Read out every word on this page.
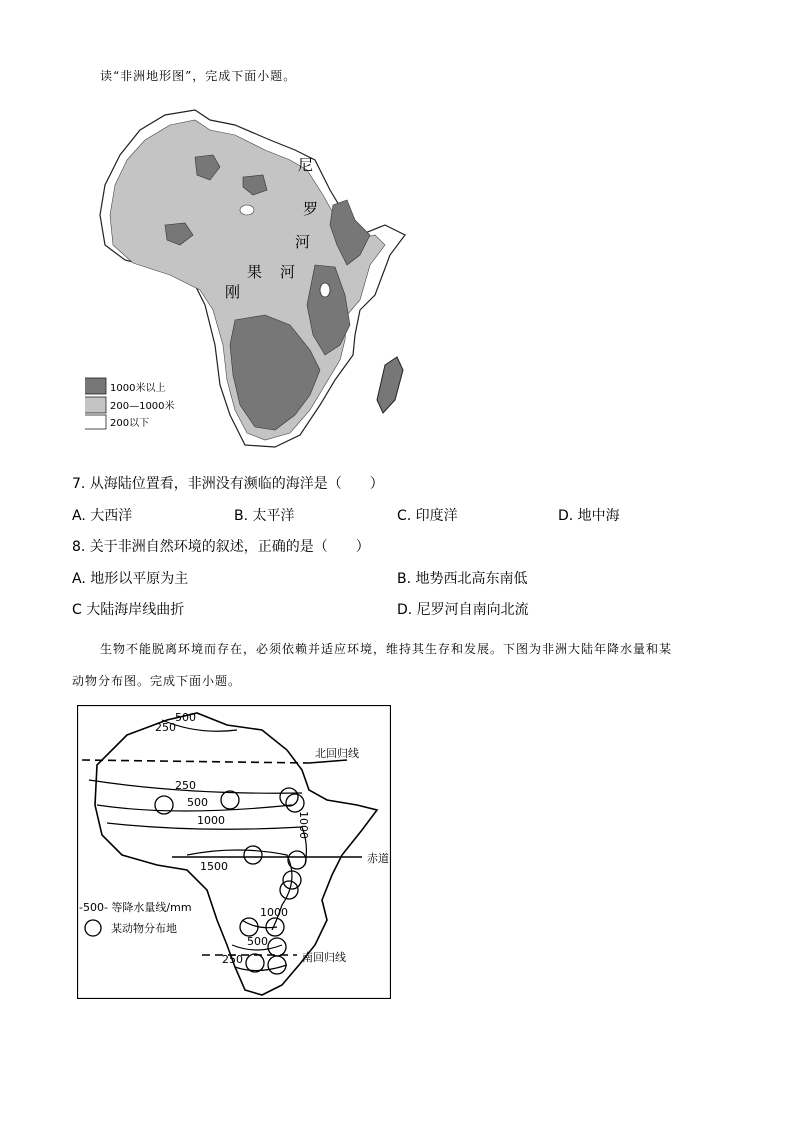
读“非洲地形图”，完成下面小题。
尼
罗
河
果 河
刚
1000米以上
200—1000米
200以下
7. 从海陆位置看，非洲没有濒临的海洋是（　　）
A. 大西洋	B. 太平洋	C. 印度洋	D. 地中海
8. 关于非洲自然环境的叙述，正确的是（　　）
A. 地形以平原为主	B. 地势西北高东南低
C 大陆海岸线曲折	D. 尼罗河自南向北流
生物不能脱离环境而存在，必须依赖并适应环境，维持其生存和发展。下图为非洲大陆年降水量和某
动物分布图。完成下面小题。
500
250
250
500
1000	1000
1500
1000
500
250
北回归线
赤道
南回归线
-500- 等降水量线/mm
某动物分布地
